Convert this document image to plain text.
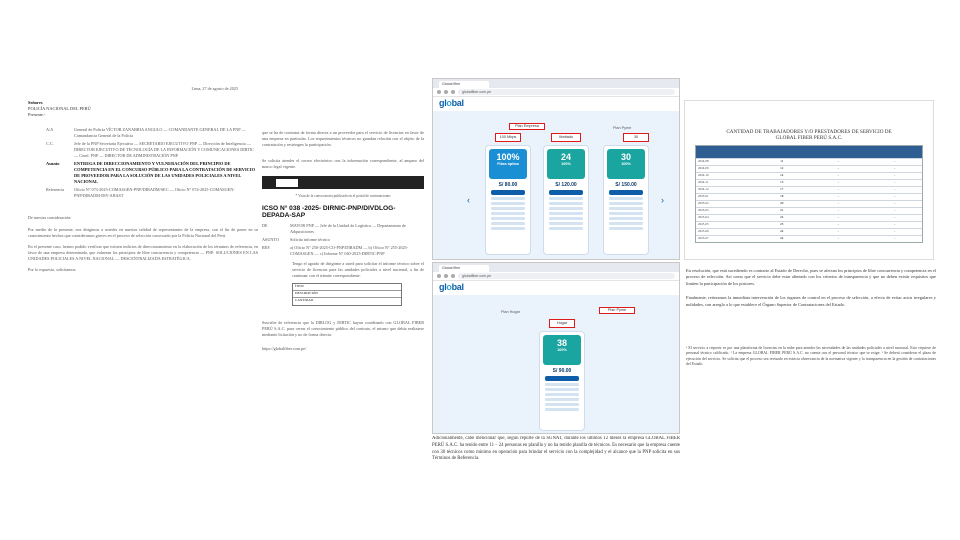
Lima, 27 de agosto de 2025
Señores
POLICÍA NACIONAL DEL PERÚ
Presente.-
A/A	General de Policía VÍCTOR ZANABRIA ANGULO — COMANDANTE GENERAL DE LA PNP — Comandancia General de la Policía
C.C.	Jefe de la PNP Secretaría Ejecutiva — SECRETARIO EJECUTIVO PNP — Dirección de Inteligencia — DIRECTOR EJECUTIVO DE TECNOLOGÍA DE LA INFORMACIÓN Y COMUNICACIONES DIRTIC — Crnel. PNP — DIRECTOR DE ADMINISTRACIÓN PNP
Asunto	ENTREGA DE DIRECCIONAMIENTO Y VULNERACIÓN DEL PRINCIPIO DE COMPETENCIA EN EL CONCURSO PÚBLICO PARA LA CONTRATACIÓN DE SERVICIO DE PROVEEDOR PARA LA SOLUCIÓN DE LAS UNIDADES POLICIALES A NIVEL NACIONAL
Referencia	Oficio N° 073-2025-COMASGEN-PNP/DIRADM/SEC — Oficio N° 074-2025-COMASGEN-PNP/DIRADM-DIV-ABAST
De nuestra consideración:
Por medio de la presente, nos dirigimos a ustedes en nuestra calidad de representantes de la empresa, con el fin de poner en su conocimiento hechos que consideramos graves en el proceso de selección convocado por la Policía Nacional del Perú.
En el presente caso, hemos podido verificar que existen indicios de direccionamiento en la elaboración de los términos de referencia, en favor de una empresa determinada, que vulneran los principios de libre concurrencia y competencia — PNP: SOLUCIONES EN LAS UNIDADES POLICIALES A NIVEL NACIONAL — DESCENTRALIZADA ESTRATÉGICA.
Por lo expuesto, solicitamos:
que se ha de contratar de forma directa a un proveedor para el servicio de licencias en favor de una empresa en particular. Los requerimientos técnicos no guardan relación con el objeto de la contratación y restringen la participación.
Se solicita atender el correo electrónico con la información correspondiente, al amparo del marco legal vigente.
* Vista de la convocatoria publicada en el portal de contrataciones
ICSO N° 038 -2025- DIRNIC-PNP/DIVDLOG-DEPADA-SAP
DE	MAYOR PNP — Jefe de la Unidad de Logística — Departamento de Adquisiciones
ASUNTO	Solicita informe técnico
REF.	a) Oficio N° 250-2025-CO-PNP/DIRADM — b) Oficio N° 255-2025-COMASGEN — c) Informe N° 040-2025-DIRTIC-PNP
Tengo el agrado de dirigirme a usted para solicitar el informe técnico sobre el servicio de licencias para las unidades policiales a nivel nacional, a fin de continuar con el trámite correspondiente.
ÍTEM
DESCRIPCIÓN
CANTIDAD
Suscribe de referencia que la DIRLOG y DIRTIC hayan coordinado con GLOBAL FIBER PERÚ S.A.C. para cerrar el conocimiento público del contrato, el mismo que debía realizarse mediante licitación y no de forma directa.
https://globalfiber.com.pe/
Global fiber
globalfiber.com.pe
global
Plan Empresa	Plan Pyme
100 Mbps	Ilimitado	30
‹	›
100%
Fibra óptica
S/ 80.00
24
100%
S/ 120.00
30
100%
S/ 150.00
Global fiber
globalfiber.com.pe
global
Plan Hogar	Plan Pyme
Hogar
38
100%
S/ 90.00
Adicionalmente, cabe mencionar que, según reporte de la SUNAT, durante los últimos 12 meses la empresa GLOBAL FIBER PERÚ S.A.C. ha tenido entre 11 – 24 personas en planilla y no ha tenido planilla de técnicos. Es necesario que la empresa cuente con 30 técnicos como mínimo en operación para brindar el servicio con la complejidad y el alcance que la PNP solicita en sus Términos de Referencia.
CANTIDAD DE TRABAJADORES Y/O PRESTADORES DE SERVICIO DE
GLOBAL FIBER PERÚ S.A.C.
2024-08	11	-	-
2024-09	12	-	-
2024-10	14	-	-
2024-11	15	-	-
2024-12	17	-	-
2025-01	18	-	-
2025-02	20	-	-
2025-03	21	-	-
2025-04	22	-	-
2025-05	23	-	-
2025-06	24	-	-
2025-07	24	-	-
En resolución, que está sucediendo es contrario al Estado de Derecho, pues se afectan los principios de libre concurrencia y competencia en el proceso de selección. Así como que el servicio debe estar alineado con los criterios de transparencia y que no deben existir requisitos que limiten la participación de los postores.
Finalmente, reiteramos la inmediata intervención de los órganos de control en el proceso de selección, a efecto de evitar actos irregulares y nulidades, con arreglo a lo que establece el Órgano Superior de Contrataciones del Estado.
¹ El servicio a requerir es por una plataforma de licencias en la nube para atender las necesidades de las unidades policiales a nivel nacional. Esto requiere de personal técnico calificado. ² La empresa GLOBAL FIBER PERÚ S.A.C. no cuenta con el personal técnico que se exige. ³ Se deberá considerar el plazo de ejecución del servicio. Se solicita que el proceso sea revisado en estricta observancia de la normativa vigente y la transparencia en la gestión de contrataciones del Estado.
